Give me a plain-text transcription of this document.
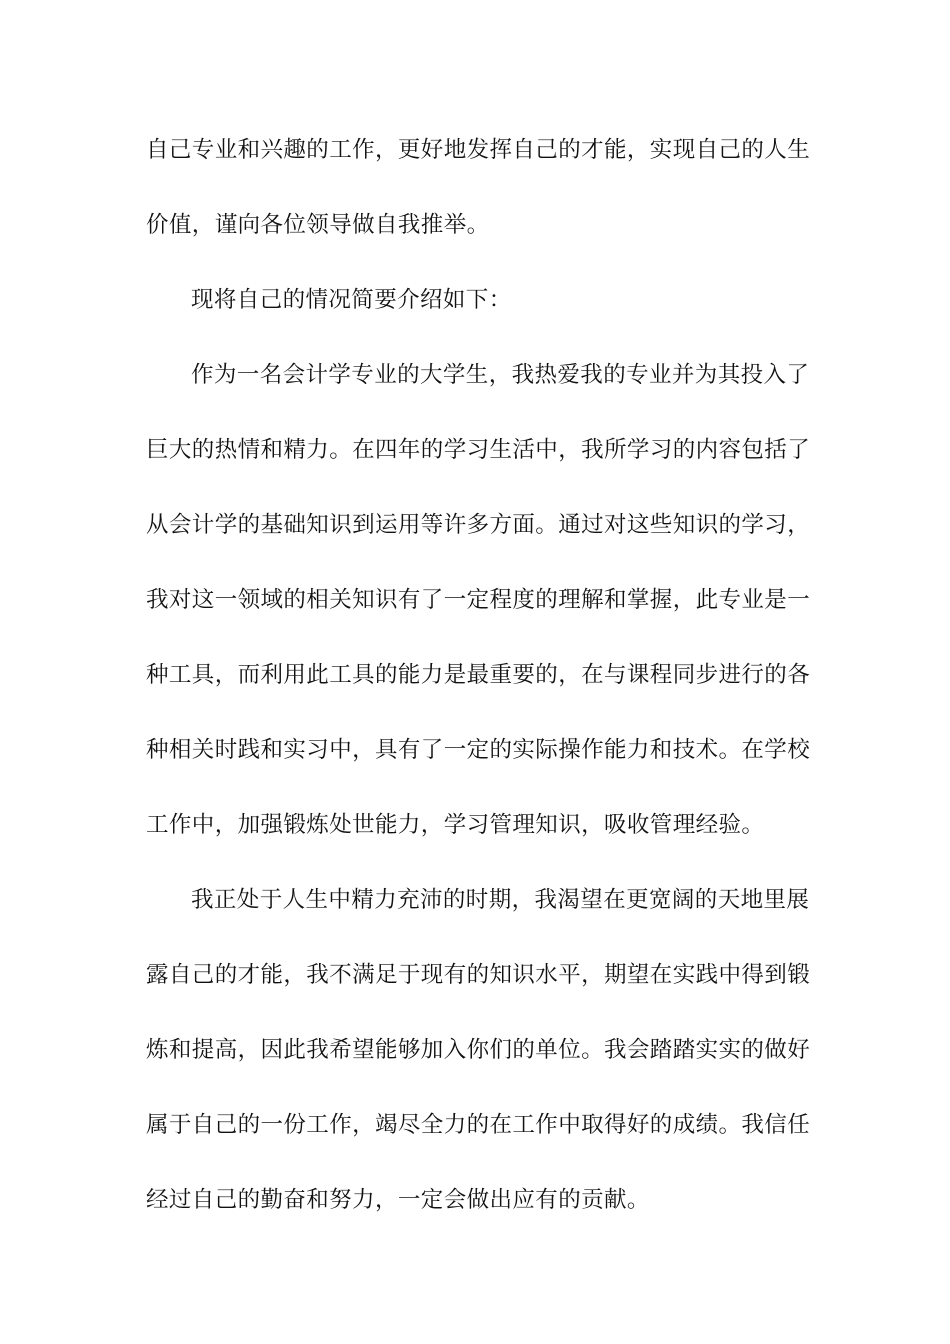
自己专业和兴趣的工作，更好地发挥自己的才能，实现自己的人生
价值，谨向各位领导做自我推举。
现将自己的情况简要介绍如下：
作为一名会计学专业的大学生，我热爱我的专业并为其投入了
巨大的热情和精力。在四年的学习生活中，我所学习的内容包括了
从会计学的基础知识到运用等许多方面。通过对这些知识的学习，
我对这一领域的相关知识有了一定程度的理解和掌握，此专业是一
种工具，而利用此工具的能力是最重要的，在与课程同步进行的各
种相关时践和实习中，具有了一定的实际操作能力和技术。在学校
工作中，加强锻炼处世能力，学习管理知识，吸收管理经验。
我正处于人生中精力充沛的时期，我渴望在更宽阔的天地里展
露自己的才能，我不满足于现有的知识水平，期望在实践中得到锻
炼和提高，因此我希望能够加入你们的单位。我会踏踏实实的做好
属于自己的一份工作，竭尽全力的在工作中取得好的成绩。我信任
经过自己的勤奋和努力，一定会做出应有的贡献。
